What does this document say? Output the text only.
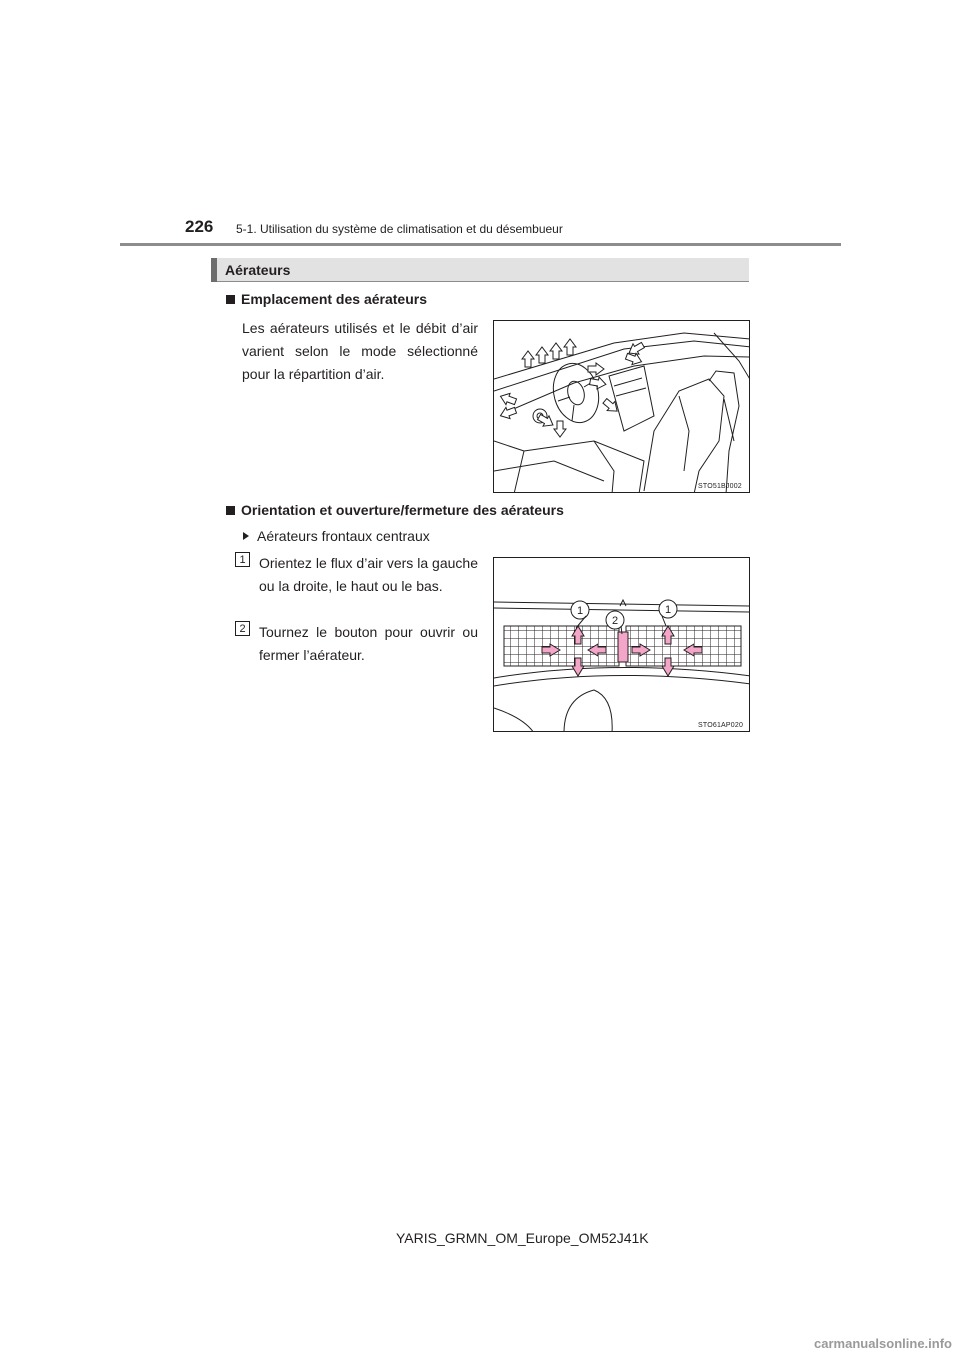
226 5-1. Utilisation du système de climatisation et du désembueur
Aérateurs
Emplacement des aérateurs
Les aérateurs utilisés et le débit d’air varient selon le mode sélectionné pour la répartition d’air.
STO51BJ002
Orientation et ouverture/fermeture des aérateurs
Aérateurs frontaux centraux
1 Orientez le flux d’air vers la gauche ou la droite, le haut ou le bas.
2 Tournez le bouton pour ouvrir ou fermer l’aérateur.
1
2
1
STO61AP020
YARIS_GRMN_OM_Europe_OM52J41K
carmanualsonline.info
